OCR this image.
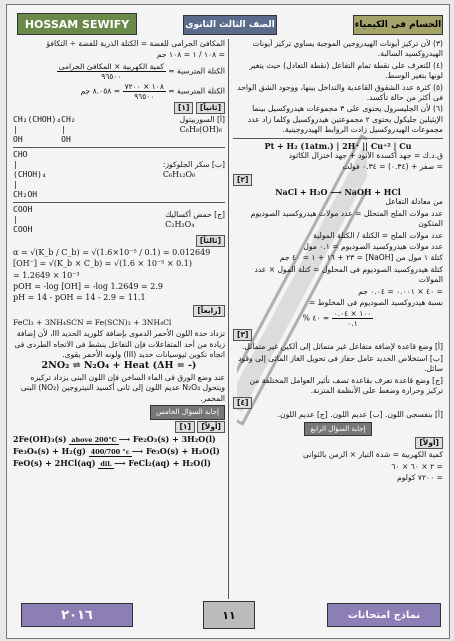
HOSSAM SEWIFY	الصف الثالث الثانوى	الحسام فى الكيمياء

(٣) لأن تركيز أيونات الهيدروجين الموجبة يساوي تركيز أيونات الهيدروكسيد السالبة.

(٤) للتعرف على نقطة تمام التفاعل (نقطة التعادل) حيث يتغير لونها بتغير الوسط.

(٥) كثرة عدد الشقوق القاعدية والتداخل بينها، ووجود الشق الواحد فى أكثر من حالة تأكسد.

(٦) لأن الجليسرول يحتوى على ٣ مجموعات هيدروكسيل بينما الإيثيلين جليكول يحتوى ٢ مجموعتين هيدروكسيل وكلما زاد عدد مجموعات الهيدروكسيل زادت الروابط الهيدروجينية.

Pt + H₂ (1atm.) | 2H⁺ || Cu⁺² | Cu

ق.د.ك = جهد أكسدة الآنود + جهد اختزال الكاثود

= صفر + (٠.٣٤) = ٠.٣٤ فولت

[٢]
NaCl + H₂O ⟶ NaOH + HCl

من معادلة التفاعل

عدد مولات الملح المتحلل = عدد مولات هيدروكسيد الصوديوم المتكون

عدد مولات الملح = الكتلة / الكتلة المولية

عدد مولات هيدروكسيد الصوديوم = ٠.١ مول

كتلة ١ مول من [NaOH] = ٢٣ + ١٦ + ١ = ٤٠ جم

كتلة هيدروكسيد الصوديوم فى المحلول = كتلة المول × عدد المولات

= ٤٠ × ٠.٠٠١ = ٠.٠٤ جم

نسبة هيدروكسيد الصوديوم فى المخلوط =

$\frac{١٠٠ \times ٠.٠٤}{٠.١}$
= ٤٠ %
[٣]

[أ] وضع قاعدة لإضافة متفاعل غير متماثل إلى ألكين غير متماثل.

[ب] استخلاص الحديد عامل حفاز فى تحويل الغاز المائى إلى وقود سائل.

[ج] وضع قاعدة تعرف بقاعدة تصف تأثير العوامل المختلفة من تركيز وحرارة وضغط على الأنظمة المتزنة.

[٤]

[أ] بنفسجى اللون. [ب] عديم اللون. [ج] عديم اللون.

إجابة السؤال الرابع
[أولاً]

كمية الكهربية = شدة التيار × الزمن بالثوانى

= ٢ × ٦٠ × ٦٠

= ٧٢٠٠ كولوم

المكافئ الجرامى للفضة = الكتلة الذرية للفضة ÷ التكافؤ

= ١٠٨ / ١ = ١٠٨ جم

الكتلة المترسبة =
$\frac{\text{كمية الكهربية × المكافئ الجرامى}}{٩٦٥٠٠}$
الكتلة المترسبة =
$\frac{١٠٨ \times ٧٢٠٠}{٩٦٥٠٠}$
= ٨.٠٥٨ جم
[ثانياً] [١]
CH₂(CHOH)₄CH₂
|         |
OH        OH
[أ] السوربيتول
C₆H₈(OH)₆
CHO
|
(CHOH)₄
|
CH₂OH
[ب] سكر الجلوكوز:
C₆H₁₂O₆
COOH
|
COOH
[ج] حمض أكساليك
C₂H₂O₄
[ثالثاً]
α = √(K_b / C_b) = √(1.6×10⁻⁵ / 0.1) = 0.012649
[OH⁻] = √(K_b × C_b) = √(1.6 × 10⁻⁵ × 0.1)
= 1.2649 × 10⁻³
pOH = -log [OH] = -log 1.2649 = 2.9
pH = 14 - pOH = 14 - 2.9 = 11.1
[رابعاً]
FeCl₃ + 3NH₄SCN ⇌ Fe(SCN)₃ + 3NH₄Cl

تزداد حدة اللون الأحمر الدموى بإضافة كلوريد الحديد III، لأن إضافة زيادة من أحد المتفاعلات فإن التفاعل ينشط فى الاتجاه الطردى فى اتجاه تكوين ثيوسيانات حديد (III) ولونه الأحمر يقوى.

2NO₂ ⇌ N₂O₄ + Heat (ΔH = -)

عند وضع الورق فى الماء الساخن فإن اللون البنى يزداد تركيزه ويتحول N₂O₄ عديم اللون إلى ثانى أكسيد النيتروجين (NO₂) البنى المحمر.

إجابة السؤال الخامس
[أولاً] [١]
2Fe(OH)₃(s) above 200°C ⟶ Fe₂O₃(s) + 3H₂O(l)
Fe₃O₄(s) + H₂(g) 400/700 °c ⟶ Fe₃O(s) + H₂O(l)
FeO(s) + 2HCl(aq) dil. ⟶ FeCl₂(aq) + H₂O(l)
٢٠١٦	١١	نماذج امتحانات
